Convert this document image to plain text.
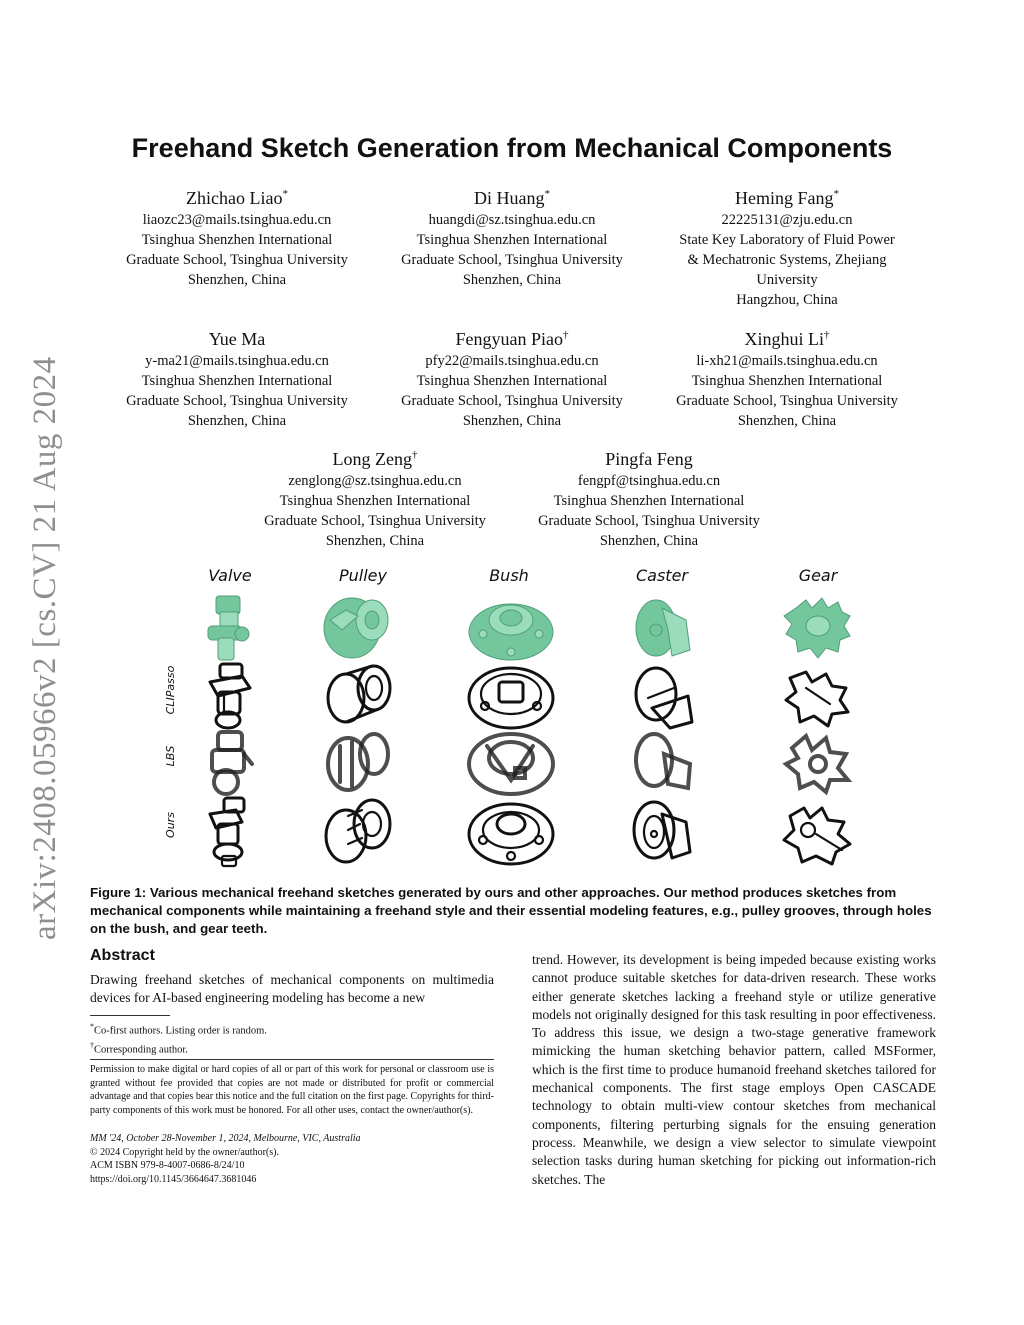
arXiv:2408.05966v2 [cs.CV] 21 Aug 2024
Freehand Sketch Generation from Mechanical Components
Zhichao Liao*
liaozc23@mails.tsinghua.edu.cn
Tsinghua Shenzhen International
Graduate School, Tsinghua University
Shenzhen, China
Di Huang*
huangdi@sz.tsinghua.edu.cn
Tsinghua Shenzhen International
Graduate School, Tsinghua University
Shenzhen, China
Heming Fang*
22225131@zju.edu.cn
State Key Laboratory of Fluid Power
& Mechatronic Systems, Zhejiang
University
Hangzhou, China
Yue Ma
y-ma21@mails.tsinghua.edu.cn
Tsinghua Shenzhen International
Graduate School, Tsinghua University
Shenzhen, China
Fengyuan Piao†
pfy22@mails.tsinghua.edu.cn
Tsinghua Shenzhen International
Graduate School, Tsinghua University
Shenzhen, China
Xinghui Li†
li-xh21@mails.tsinghua.edu.cn
Tsinghua Shenzhen International
Graduate School, Tsinghua University
Shenzhen, China
Long Zeng†
zenglong@sz.tsinghua.edu.cn
Tsinghua Shenzhen International
Graduate School, Tsinghua University
Shenzhen, China
Pingfa Feng
fengpf@tsinghua.edu.cn
Tsinghua Shenzhen International
Graduate School, Tsinghua University
Shenzhen, China
Valve	Pulley	Bush	Caster	Gear
CLIPasso
LBS
Ours
Figure 1: Various mechanical freehand sketches generated by ours and other approaches. Our method produces sketches from mechanical components while maintaining a freehand style and their essential modeling features, e.g., pulley grooves, through holes on the bush, and gear teeth.
Abstract
Drawing freehand sketches of mechanical components on multimedia devices for AI-based engineering modeling has become a new
trend. However, its development is being impeded because existing works cannot produce suitable sketches for data-driven research. These works either generate sketches lacking a freehand style or utilize generative models not originally designed for this task resulting in poor effectiveness. To address this issue, we design a two-stage generative framework mimicking the human sketching behavior pattern, called MSFormer, which is the first time to produce humanoid freehand sketches tailored for mechanical components. The first stage employs Open CASCADE technology to obtain multi-view contour sketches from mechanical components, filtering perturbing signals for the ensuing generation process. Meanwhile, we design a view selector to simulate viewpoint selection tasks during human sketching for picking out information-rich sketches. The
*Co-first authors. Listing order is random.
†Corresponding author.
Permission to make digital or hard copies of all or part of this work for personal or classroom use is granted without fee provided that copies are not made or distributed for profit or commercial advantage and that copies bear this notice and the full citation on the first page. Copyrights for third-party components of this work must be honored. For all other uses, contact the owner/author(s).
MM '24, October 28-November 1, 2024, Melbourne, VIC, Australia
© 2024 Copyright held by the owner/author(s).
ACM ISBN 979-8-4007-0686-8/24/10
https://doi.org/10.1145/3664647.3681046
